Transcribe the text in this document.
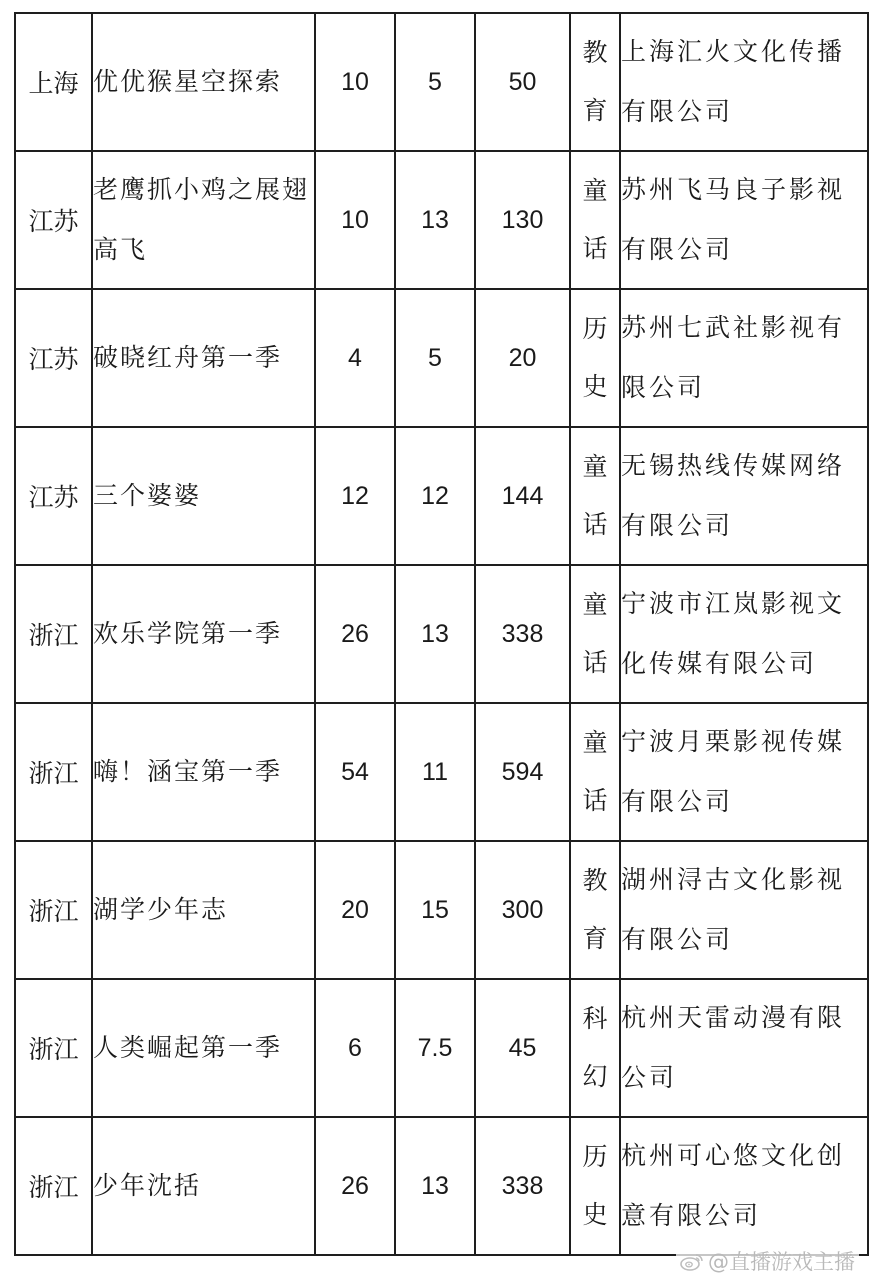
上海	优优猴星空探索	10	5	50	教育	上海汇火文化传播有限公司
江苏	老鹰抓小鸡之展翅高飞	10	13	130	童话	苏州飞马良子影视有限公司
江苏	破晓红舟第一季	4	5	20	历史	苏州七武社影视有限公司
江苏	三个婆婆	12	12	144	童话	无锡热线传媒网络有限公司
浙江	欢乐学院第一季	26	13	338	童话	宁波市江岚影视文化传媒有限公司
浙江	嗨！涵宝第一季	54	11	594	童话	宁波月栗影视传媒有限公司
浙江	湖学少年志	20	15	300	教育	湖州浔古文化影视有限公司
浙江	人类崛起第一季	6	7.5	45	科幻	杭州天雷动漫有限公司
浙江	少年沈括	26	13	338	历史	杭州可心悠文化创意有限公司
@直播游戏主播
